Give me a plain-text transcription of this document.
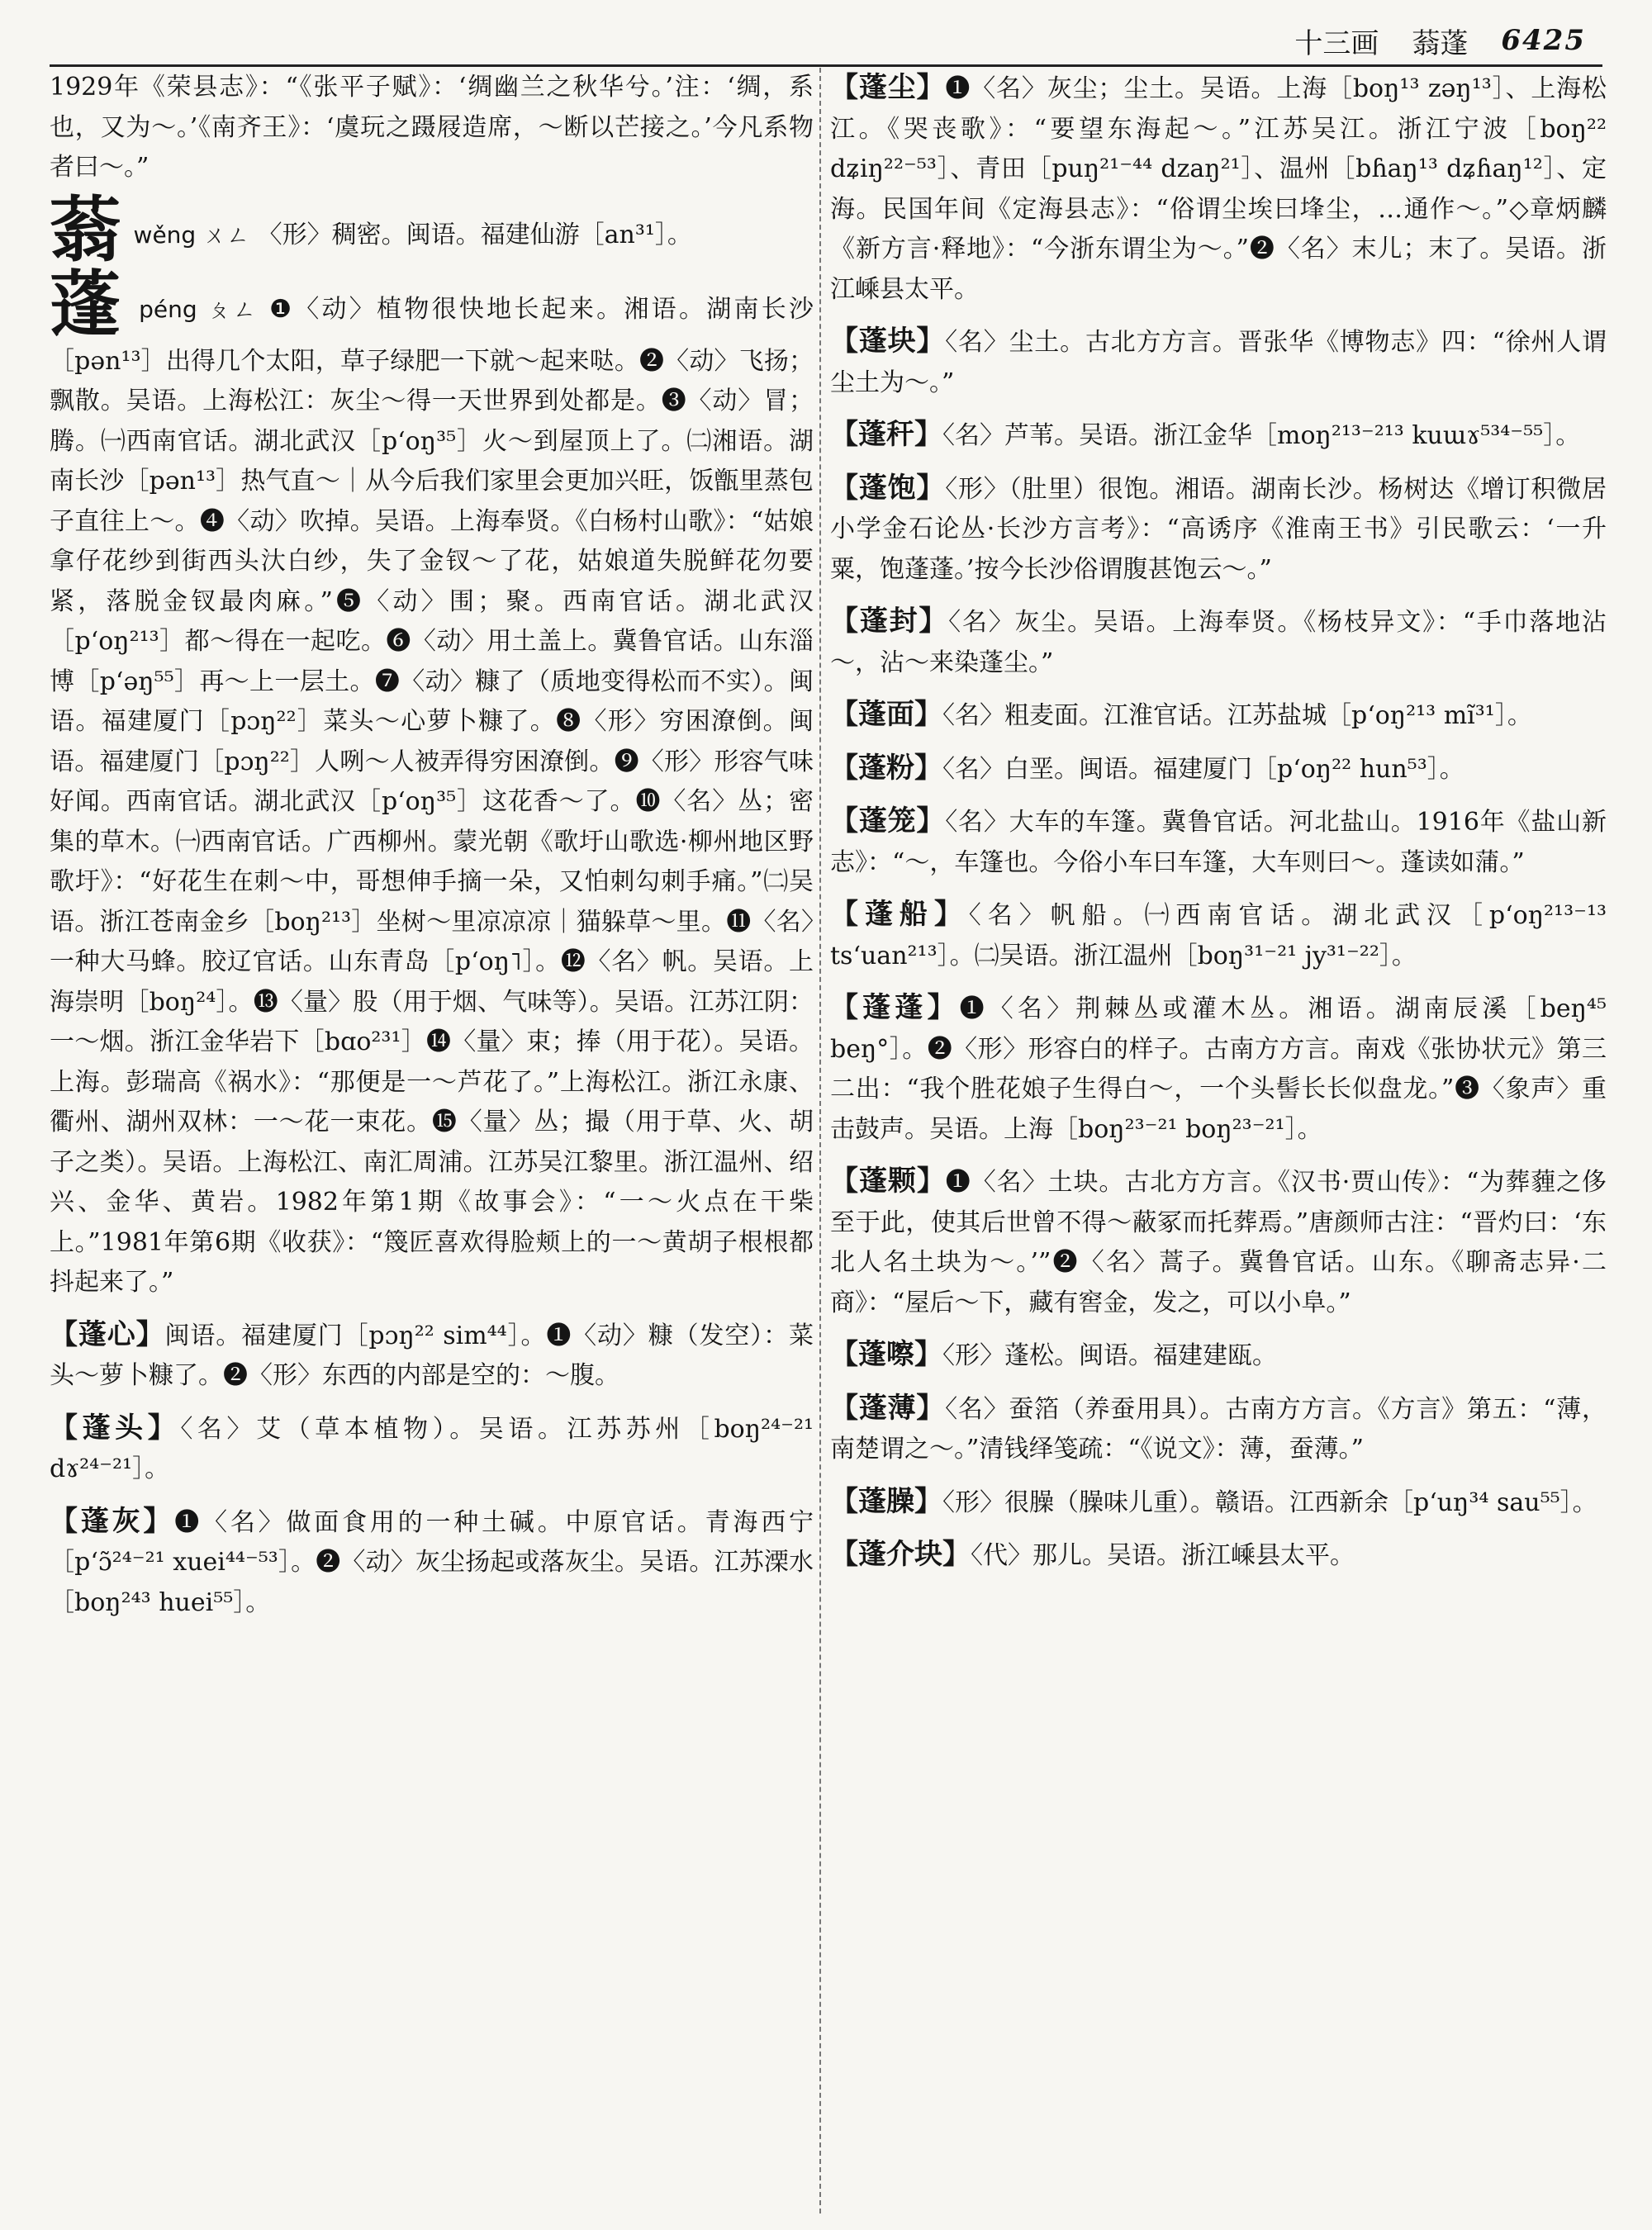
十三画 蓊蓬 6425

1929年《荣县志》：“《张平子赋》：‘绸幽兰之秋华兮。’注：‘绸，系也，又为～。’《南齐王》：‘虞玩之蹑屐造席，～断以芒接之。’今凡系物者曰～。”

蓊 wěng ㄨㄥ 〈形〉稠密。闽语。福建仙游［an³¹］。

蓬 péng ㄆㄥ ❶〈动〉植物很快地长起来。湘语。湖南长沙［pən¹³］出得几个太阳，草子绿肥一下就～起来哒。❷〈动〉飞扬；飘散。吴语。上海松江：灰尘～得一天世界到处都是。❸〈动〉冒；腾。㈠西南官话。湖北武汉［pʻoŋ³⁵］火～到屋顶上了。㈡湘语。湖南长沙［pən¹³］热气直～｜从今后我们家里会更加兴旺，饭甑里蒸包子直往上～。❹〈动〉吹掉。吴语。上海奉贤。《白杨村山歌》：“姑娘拿仔花纱到街西头汏白纱，失了金钗～了花，姑娘道失脱鲜花勿要紧，落脱金钗最肉麻。”❺〈动〉围；聚。西南官话。湖北武汉［pʻoŋ²¹³］都～得在一起吃。❻〈动〉用土盖上。冀鲁官话。山东淄博［pʻəŋ⁵⁵］再～上一层土。❼〈动〉糠了（质地变得松而不实）。闽语。福建厦门［pɔŋ²²］菜头～心萝卜糠了。❽〈形〉穷困潦倒。闽语。福建厦门［pɔŋ²²］人咧～人被弄得穷困潦倒。❾〈形〉形容气味好闻。西南官话。湖北武汉［pʻoŋ³⁵］这花香～了。❿〈名〉丛；密集的草木。㈠西南官话。广西柳州。蒙光朝《歌圩山歌选·柳州地区野歌圩》：“好花生在刺～中，哥想伸手摘一朵，又怕刺勾刺手痛。”㈡吴语。浙江苍南金乡［boŋ²¹³］坐树～里凉凉凉｜猫躲草～里。⓫〈名〉一种大马蜂。胶辽官话。山东青岛［pʻoŋ˥］。⓬〈名〉帆。吴语。上海崇明［boŋ²⁴］。⓭〈量〉股（用于烟、气味等）。吴语。江苏江阴：一～烟。浙江金华岩下［bɑo²³¹］⓮〈量〉束；捧（用于花）。吴语。上海。彭瑞高《祸水》：“那便是一～芦花了。”上海松江。浙江永康、衢州、湖州双林：一～花一束花。⓯〈量〉丛；撮（用于草、火、胡子之类）。吴语。上海松江、南汇周浦。江苏吴江黎里。浙江温州、绍兴、金华、黄岩。1982年第1期《故事会》：“一～火点在干柴上。”1981年第6期《收获》：“篾匠喜欢得脸颊上的一～黄胡子根根都抖起来了。”

【蓬心】闽语。福建厦门［pɔŋ²² sim⁴⁴］。❶〈动〉糠（发空）：菜头～萝卜糠了。❷〈形〉东西的内部是空的：～腹。

【蓬头】〈名〉艾（草本植物）。吴语。江苏苏州［boŋ²⁴⁻²¹ dɤ²⁴⁻²¹］。

【蓬灰】❶〈名〉做面食用的一种土碱。中原官话。青海西宁［pʻɔ̃²⁴⁻²¹ xuei⁴⁴⁻⁵³］。❷〈动〉灰尘扬起或落灰尘。吴语。江苏溧水［boŋ²⁴³ huei⁵⁵］。

【蓬尘】❶〈名〉灰尘；尘土。吴语。上海［boŋ¹³ zəŋ¹³］、上海松江。《哭丧歌》：“要望东海起～。”江苏吴江。浙江宁波［boŋ²² dʑiŋ²²⁻⁵³］、青田［puŋ²¹⁻⁴⁴ dzaŋ²¹］、温州［bɦaŋ¹³ dʑɦaŋ¹²］、定海。民国年间《定海县志》：“俗谓尘埃曰埄尘，…通作～。”◇章炳麟《新方言·释地》：“今浙东谓尘为～。”❷〈名〉末儿；末了。吴语。浙江嵊县太平。

【蓬块】〈名〉尘土。古北方方言。晋张华《博物志》四：“徐州人谓尘土为～。”

【蓬秆】〈名〉芦苇。吴语。浙江金华［moŋ²¹³⁻²¹³ kuɯɤ⁵³⁴⁻⁵⁵］。

【蓬饱】〈形〉（肚里）很饱。湘语。湖南长沙。杨树达《增订积微居小学金石论丛·长沙方言考》：“高诱序《淮南王书》引民歌云：‘一升粟，饱蓬蓬。’按今长沙俗谓腹甚饱云～。”

【蓬封】〈名〉灰尘。吴语。上海奉贤。《杨枝异文》：“手巾落地沾～，沾～来染蓬尘。”

【蓬面】〈名〉粗麦面。江淮官话。江苏盐城［pʻoŋ²¹³ mĩ³¹］。

【蓬粉】〈名〉白垩。闽语。福建厦门［pʻoŋ²² hun⁵³］。

【蓬笼】〈名〉大车的车篷。冀鲁官话。河北盐山。1916年《盐山新志》：“～，车篷也。今俗小车曰车篷，大车则曰～。蓬读如蒲。”

【蓬船】〈名〉帆船。㈠西南官话。湖北武汉［pʻoŋ²¹³⁻¹³ tsʻuan²¹³］。㈡吴语。浙江温州［boŋ³¹⁻²¹ jy³¹⁻²²］。

【蓬蓬】❶〈名〉荆棘丛或灌木丛。湘语。湖南辰溪［beŋ⁴⁵ beŋ°］。❷〈形〉形容白的样子。古南方方言。南戏《张协状元》第三二出：“我个胜花娘子生得白～，一个头髻长长似盘龙。”❸〈象声〉重击鼓声。吴语。上海［boŋ²³⁻²¹ boŋ²³⁻²¹］。

【蓬颗】❶〈名〉土块。古北方方言。《汉书·贾山传》：“为葬薶之侈至于此，使其后世曾不得～蔽冢而托葬焉。”唐颜师古注：“晋灼曰：‘东北人名土块为～。’”❷〈名〉蒿子。冀鲁官话。山东。《聊斋志异·二商》：“屋后～下，藏有窖金，发之，可以小阜。”

【蓬嚓】〈形〉蓬松。闽语。福建建瓯。

【蓬薄】〈名〉蚕箔（养蚕用具）。古南方方言。《方言》第五：“薄，南楚谓之～。”清钱绎笺疏：“《说文》：薄，蚕薄。”

【蓬臊】〈形〉很臊（臊味儿重）。赣语。江西新余［pʻuŋ³⁴ sau⁵⁵］。

【蓬介块】〈代〉那儿。吴语。浙江嵊县太平。
